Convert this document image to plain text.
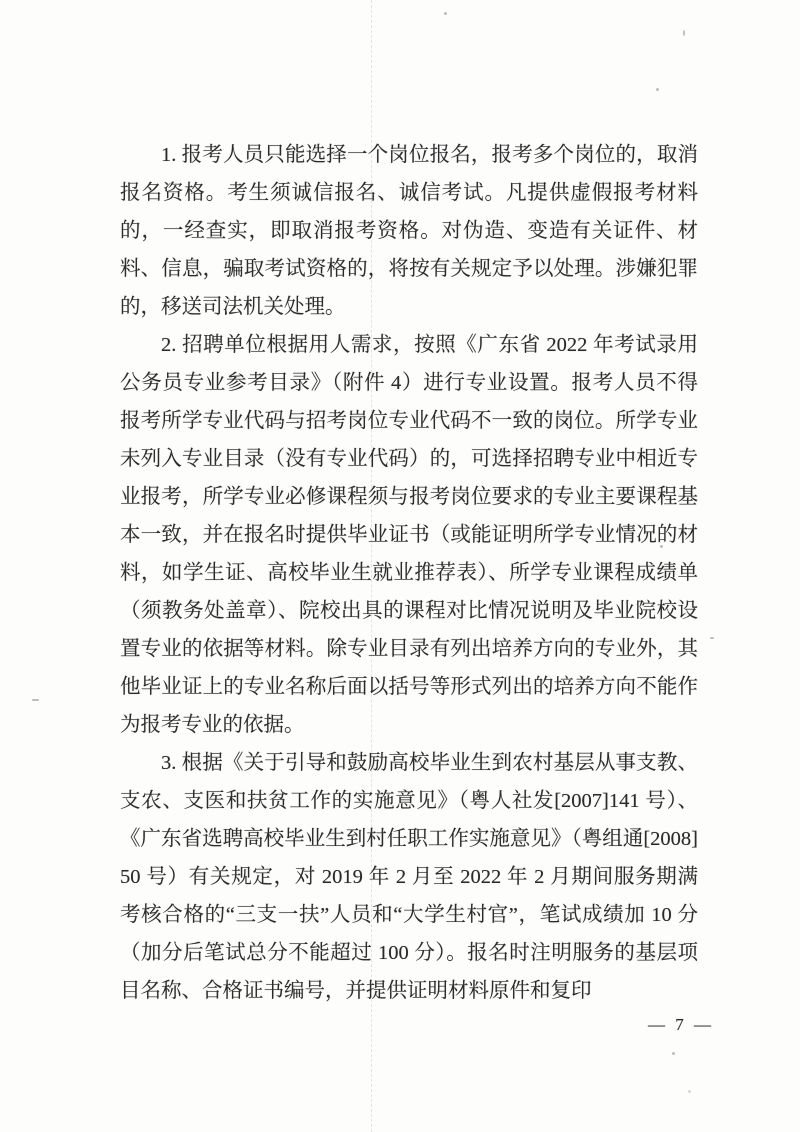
1. 报考人员只能选择一个岗位报名，报考多个岗位的，取消报名资格。考生须诚信报名、诚信考试。凡提供虚假报考材料的，一经查实，即取消报考资格。对伪造、变造有关证件、材料、信息，骗取考试资格的，将按有关规定予以处理。涉嫌犯罪的，移送司法机关处理。

2. 招聘单位根据用人需求，按照《广东省 2022 年考试录用公务员专业参考目录》（附件 4）进行专业设置。报考人员不得报考所学专业代码与招考岗位专业代码不一致的岗位。所学专业未列入专业目录（没有专业代码）的，可选择招聘专业中相近专业报考，所学专业必修课程须与报考岗位要求的专业主要课程基本一致，并在报名时提供毕业证书（或能证明所学专业情况的材料，如学生证、高校毕业生就业推荐表）、所学专业课程成绩单（须教务处盖章）、院校出具的课程对比情况说明及毕业院校设置专业的依据等材料。除专业目录有列出培养方向的专业外，其他毕业证上的专业名称后面以括号等形式列出的培养方向不能作为报考专业的依据。

3. 根据《关于引导和鼓励高校毕业生到农村基层从事支教、支农、支医和扶贫工作的实施意见》（粤人社发[2007]141 号）、《广东省选聘高校毕业生到村任职工作实施意见》（粤组通[2008]50 号）有关规定，对 2019 年 2 月至 2022 年 2 月期间服务期满考核合格的“三支一扶”人员和“大学生村官”，笔试成绩加 10 分（加分后笔试总分不能超过 100 分）。报名时注明服务的基层项目名称、合格证书编号，并提供证明材料原件和复印

— 7 —
